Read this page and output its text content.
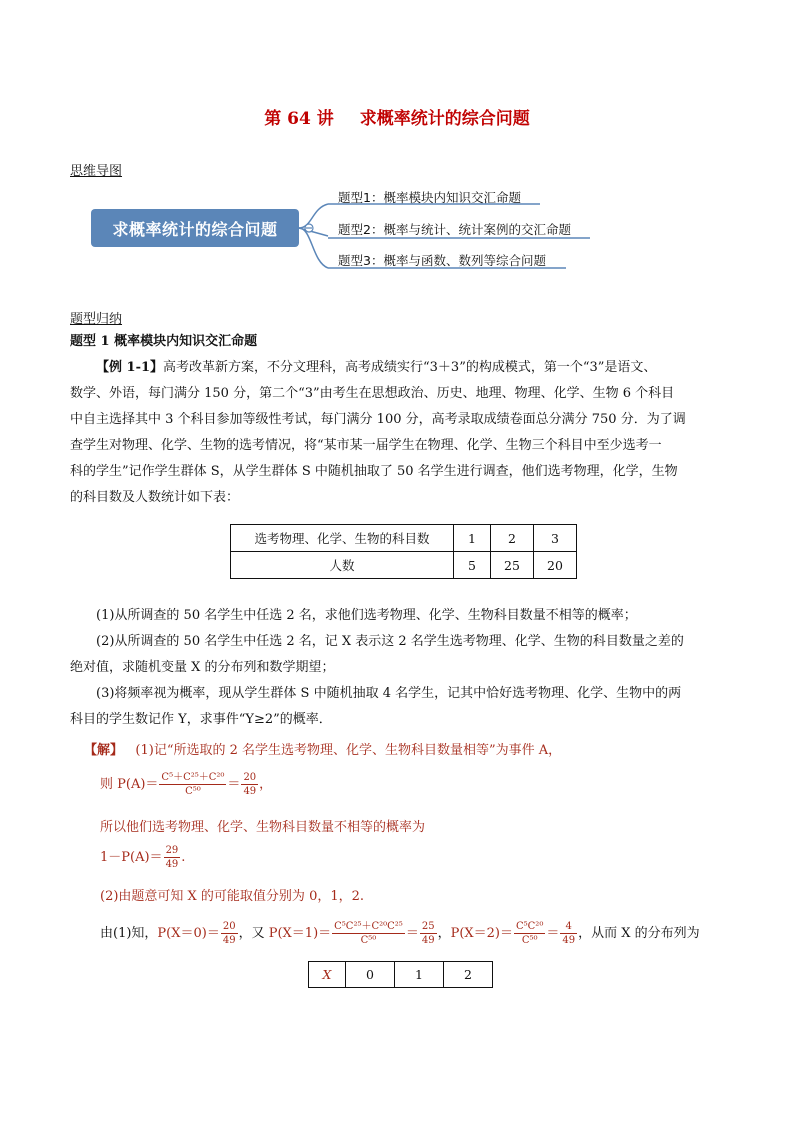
第 64 讲 求概率统计的综合问题
思维导图
求概率统计的综合问题
题型1：概率模块内知识交汇命题
题型2：概率与统计、统计案例的交汇命题
题型3：概率与函数、数列等综合问题
题型归纳
题型 1 概率模块内知识交汇命题
【例 1-1】高考改革新方案，不分文理科，高考成绩实行“3＋3”的构成模式，第一个“3”是语文、
数学、外语，每门满分 150 分，第二个“3”由考生在思想政治、历史、地理、物理、化学、生物 6 个科目
中自主选择其中 3 个科目参加等级性考试，每门满分 100 分，高考录取成绩卷面总分满分 750 分．为了调
查学生对物理、化学、生物的选考情况，将“某市某一届学生在物理、化学、生物三个科目中至少选考一
科的学生”记作学生群体 S，从学生群体 S 中随机抽取了 50 名学生进行调查，他们选考物理，化学，生物
的科目数及人数统计如下表：
选考物理、化学、生物的科目数	1	2	3
人数	5	25	20
(1)从所调查的 50 名学生中任选 2 名，求他们选考物理、化学、生物科目数量不相等的概率；
(2)从所调查的 50 名学生中任选 2 名，记 X 表示这 2 名学生选考物理、化学、生物的科目数量之差的
绝对值，求随机变量 X 的分布列和数学期望；
(3)将频率视为概率，现从学生群体 S 中随机抽取 4 名学生，记其中恰好选考物理、化学、生物中的两
科目的学生数记作 Y，求事件“Y≥2”的概率．
【解】 (1)记“所选取的 2 名学生选考物理、化学、生物科目数量相等”为事件 A，
则 $P(A)= \frac{\text{C⁵＋C²⁵＋C²⁰}}{\text{C⁵⁰}} = \frac{20}{49}$ ，
所以他们选考物理、化学、生物科目数量不相等的概率为
$1-P(A)= \frac{29}{49}$ .
(2)由题意可知 X 的可能取值分别为 0，1，2.
由(1)知，$P(X=0)= \frac{20}{49}$ ，又 $P(X=1)= \frac{\text{C⁵C²⁵＋C²⁰C²⁵}}{\text{C⁵⁰}} = \frac{25}{49}$ ，$P(X=2)= \frac{\text{C⁵C²⁰}}{\text{C⁵⁰}} = \frac{4}{49}$ ，从而 X 的分布列为
X	0	1	2
